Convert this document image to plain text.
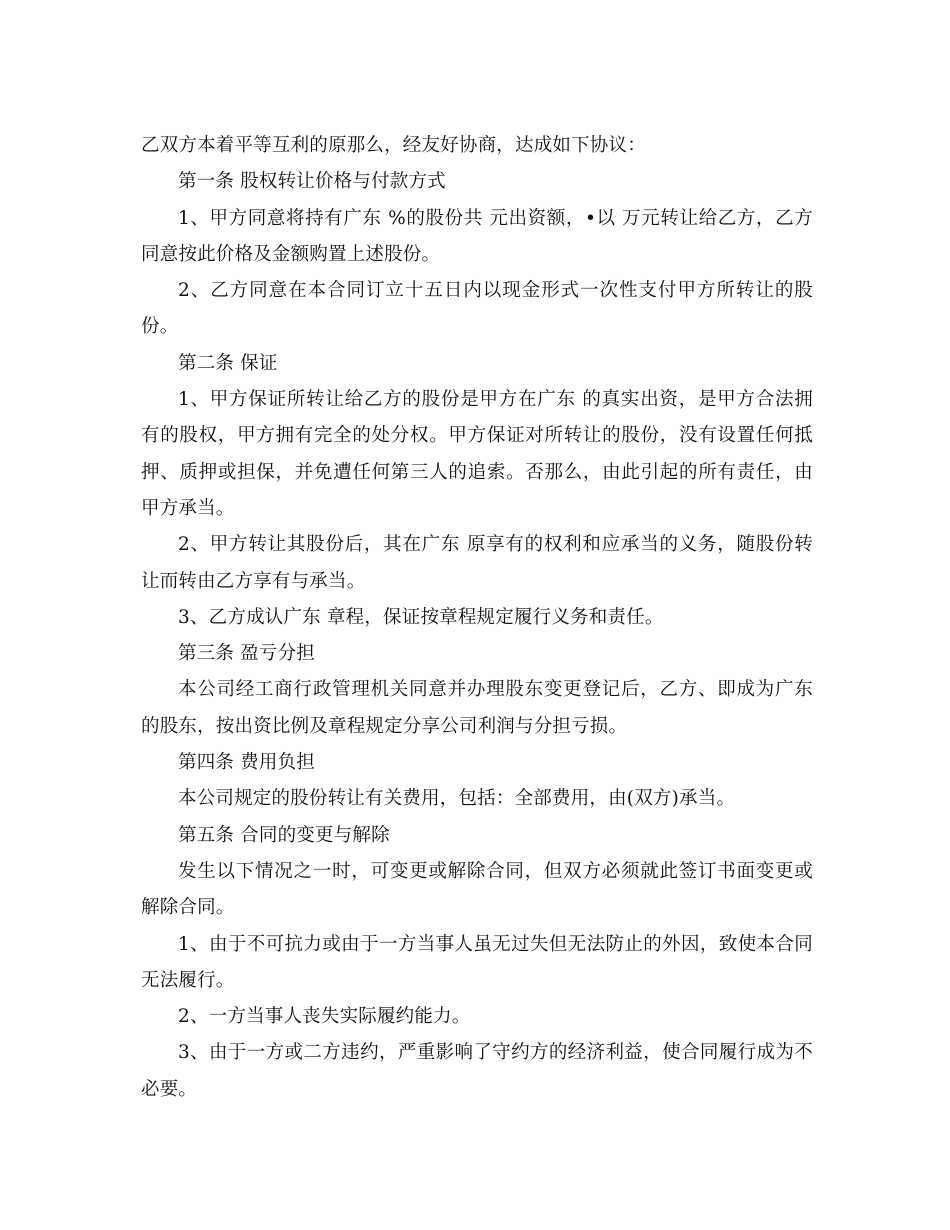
乙双方本着平等互利的原那么，经友好协商，达成如下协议：

第一条 股权转让价格与付款方式

1、甲方同意将持有广东 %的股份共 元出资额，•以 万元转让给乙方，乙方同意按此价格及金额购置上述股份。

2、乙方同意在本合同订立十五日内以现金形式一次性支付甲方所转让的股份。

第二条 保证

1、甲方保证所转让给乙方的股份是甲方在广东 的真实出资，是甲方合法拥有的股权，甲方拥有完全的处分权。甲方保证对所转让的股份，没有设置任何抵押、质押或担保，并免遭任何第三人的追索。否那么，由此引起的所有责任，由甲方承当。

2、甲方转让其股份后，其在广东 原享有的权利和应承当的义务，随股份转让而转由乙方享有与承当。

3、乙方成认广东 章程，保证按章程规定履行义务和责任。

第三条 盈亏分担

本公司经工商行政管理机关同意并办理股东变更登记后，乙方、即成为广东 的股东，按出资比例及章程规定分享公司利润与分担亏损。

第四条 费用负担

本公司规定的股份转让有关费用，包括：全部费用，由(双方)承当。

第五条 合同的变更与解除

发生以下情况之一时，可变更或解除合同，但双方必须就此签订书面变更或解除合同。

1、由于不可抗力或由于一方当事人虽无过失但无法防止的外因，致使本合同无法履行。

2、一方当事人丧失实际履约能力。

3、由于一方或二方违约，严重影响了守约方的经济利益，使合同履行成为不必要。
